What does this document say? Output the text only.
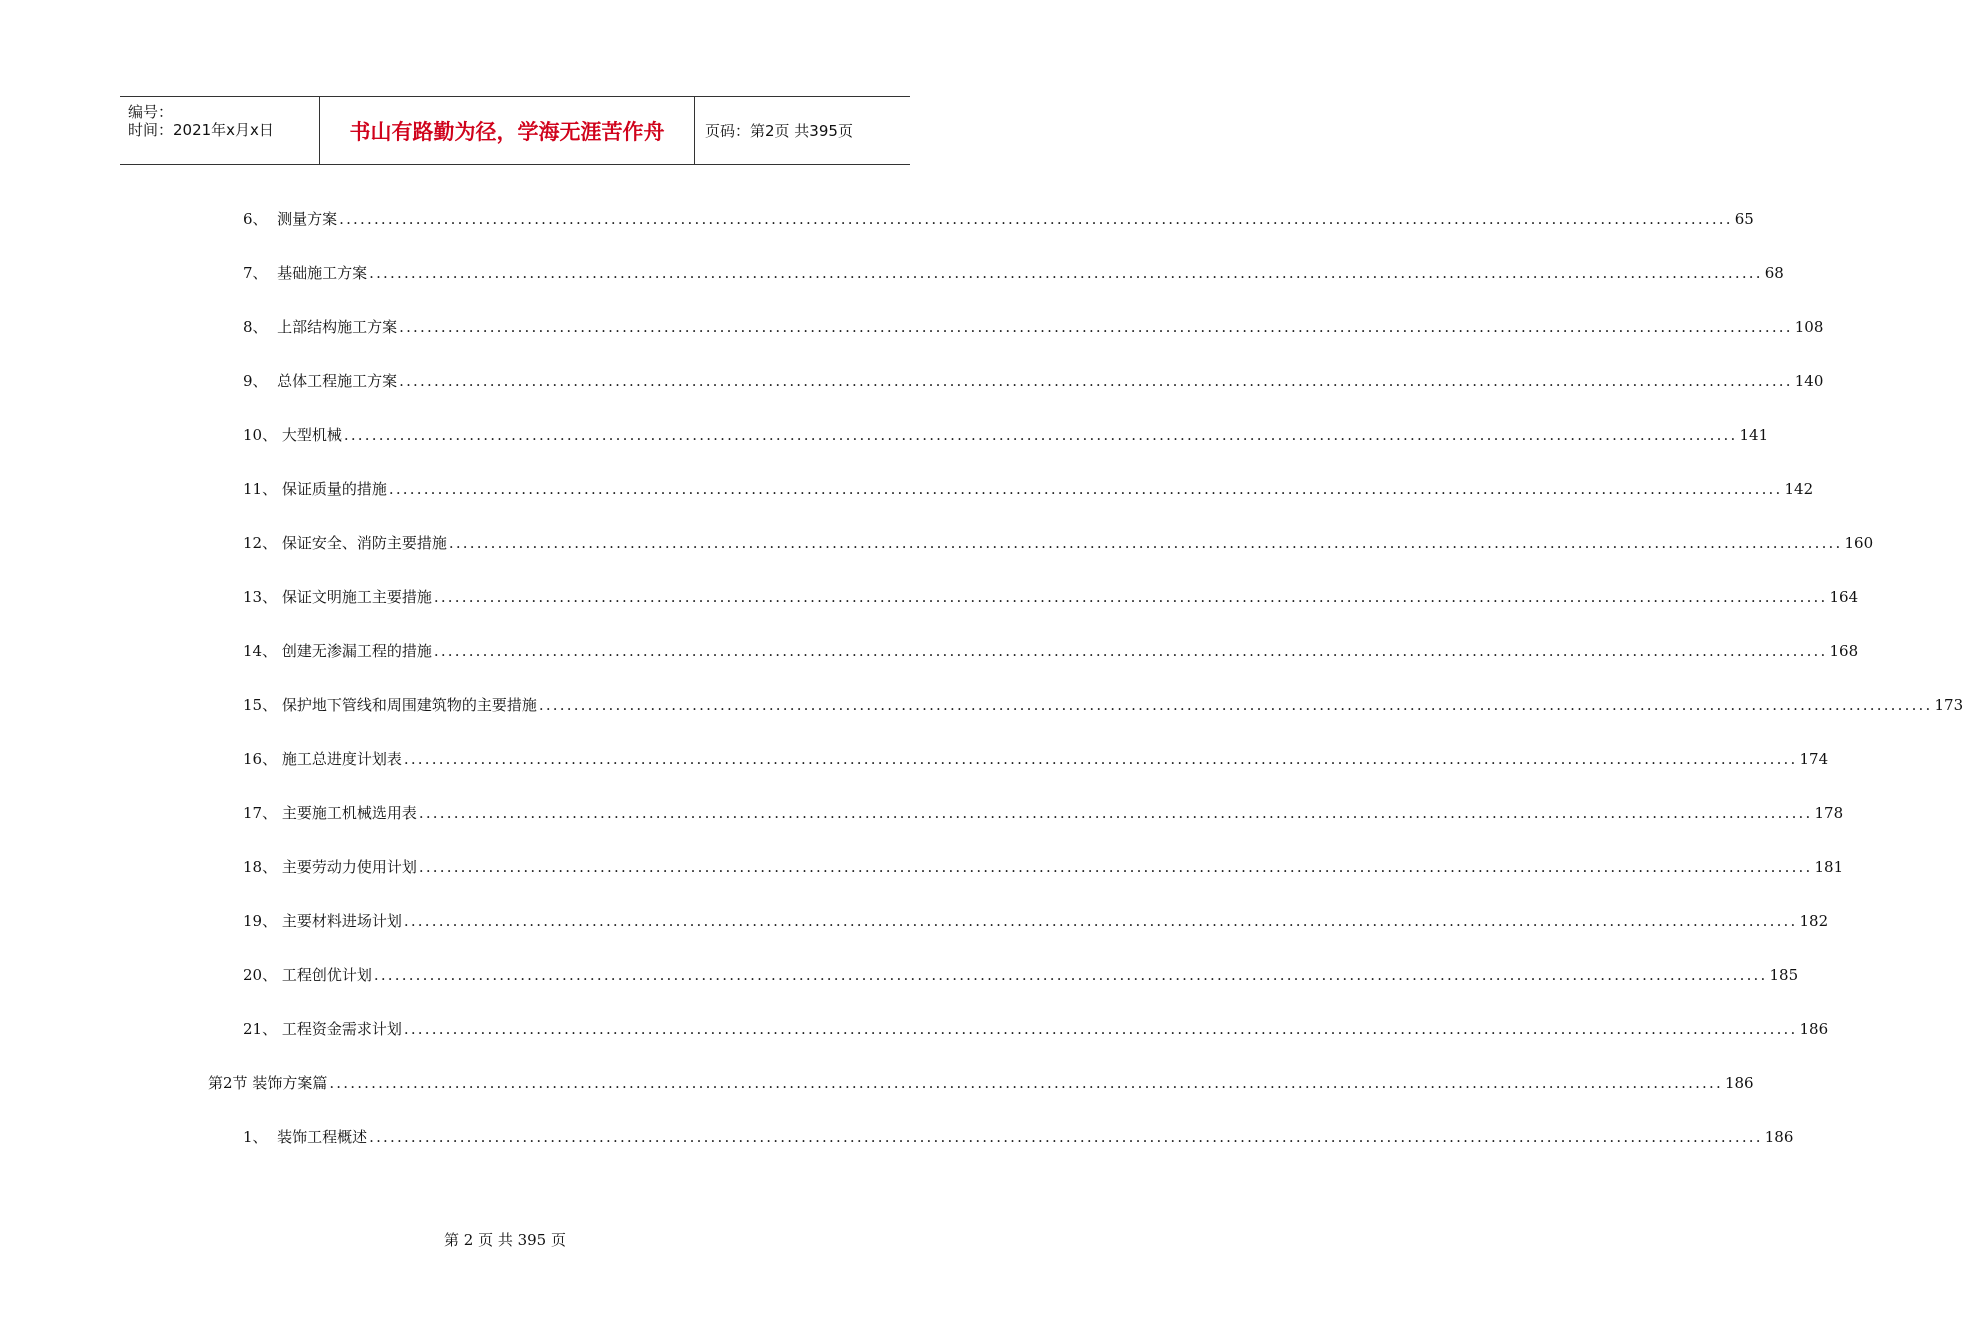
编号：
时间：2021年x月x日	书山有路勤为径，学海无涯苦作舟	页码：第2页 共395页
6、 测量方案 ........................................................................................................................................................................................................ 65
7、 基础施工方案 ........................................................................................................................................................................................................ 68
8、 上部结构施工方案 ........................................................................................................................................................................................................ 108
9、 总体工程施工方案 ........................................................................................................................................................................................................ 140
10、 大型机械 ........................................................................................................................................................................................................ 141
11、 保证质量的措施 ........................................................................................................................................................................................................ 142
12、 保证安全、消防主要措施 ........................................................................................................................................................................................................ 160
13、 保证文明施工主要措施 ........................................................................................................................................................................................................ 164
14、 创建无渗漏工程的措施 ........................................................................................................................................................................................................ 168
15、 保护地下管线和周围建筑物的主要措施 ........................................................................................................................................................................................................ 173
16、 施工总进度计划表 ........................................................................................................................................................................................................ 174
17、 主要施工机械选用表 ........................................................................................................................................................................................................ 178
18、 主要劳动力使用计划 ........................................................................................................................................................................................................ 181
19、 主要材料进场计划 ........................................................................................................................................................................................................ 182
20、 工程创优计划 ........................................................................................................................................................................................................ 185
21、 工程资金需求计划 ........................................................................................................................................................................................................ 186
第2节 装饰方案篇 ........................................................................................................................................................................................................ 186
1、 装饰工程概述 ........................................................................................................................................................................................................ 186
第 2 页 共 395 页
